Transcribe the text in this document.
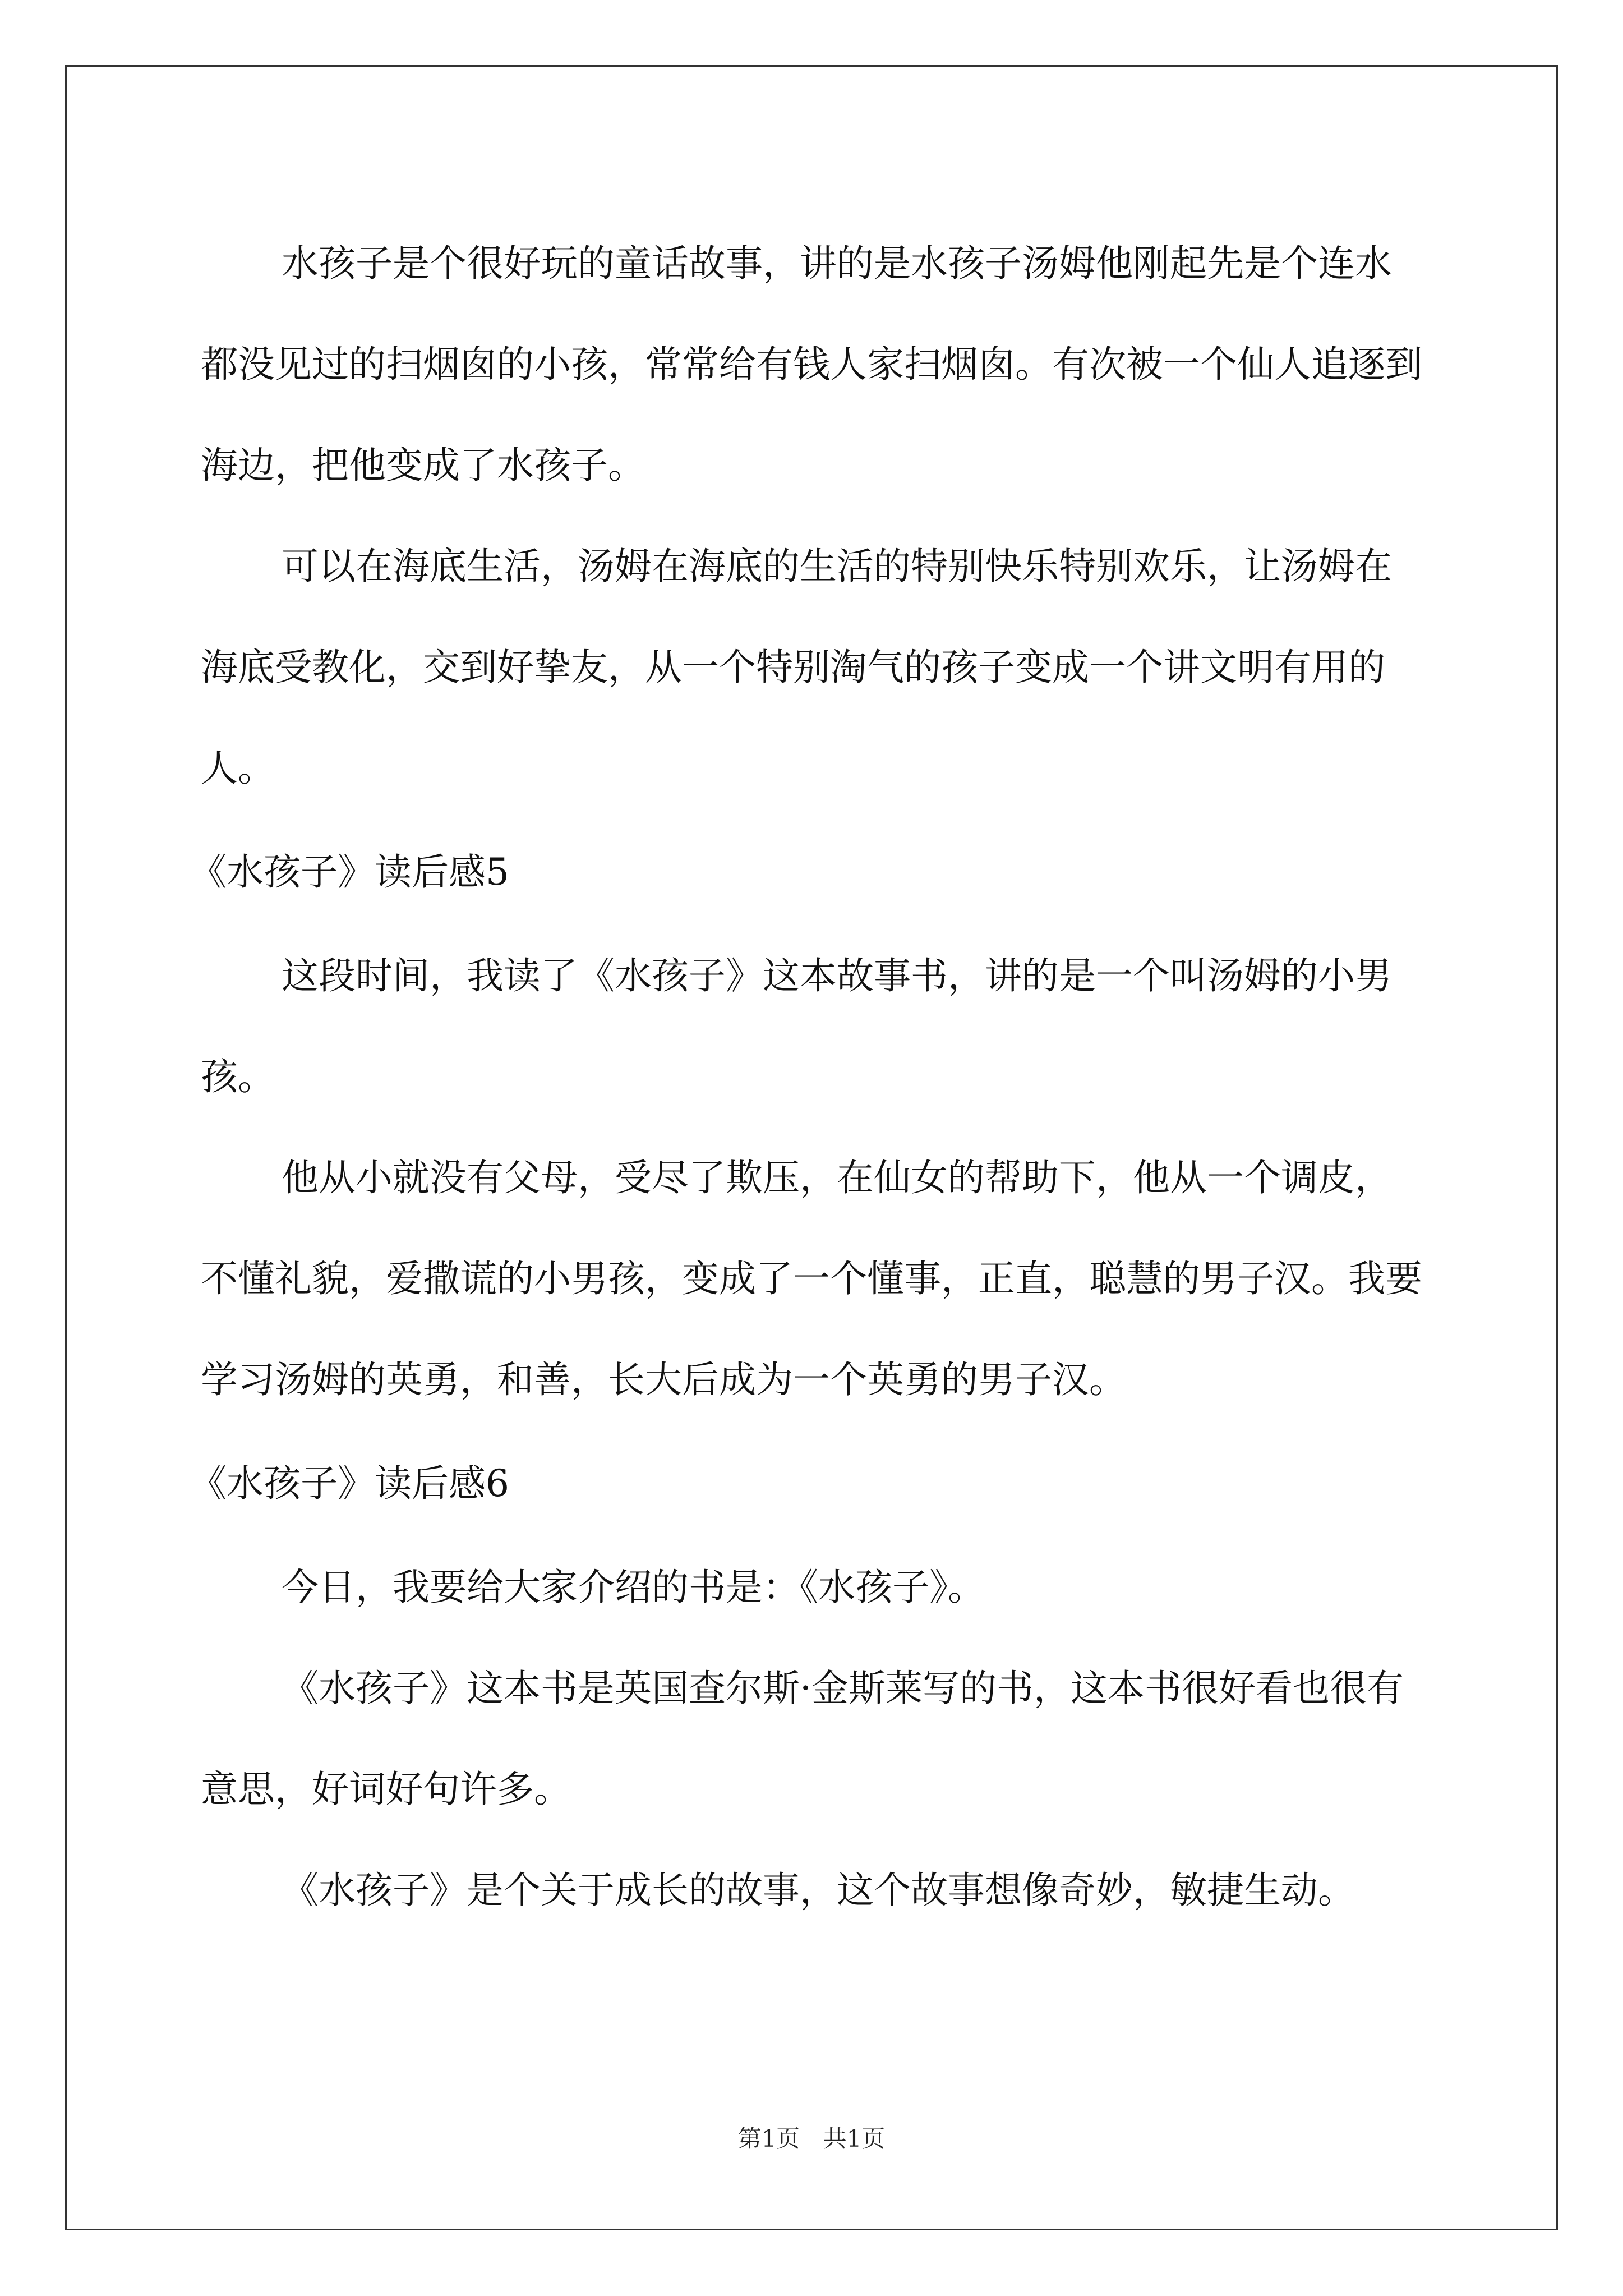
水孩子是个很好玩的童话故事，讲的是水孩子汤姆他刚起先是个连水都没见过的扫烟囱的小孩，常常给有钱人家扫烟囱。有次被一个仙人追逐到海边，把他变成了水孩子。

可以在海底生活，汤姆在海底的生活的特别快乐特别欢乐，让汤姆在海底受教化，交到好挚友，从一个特别淘气的孩子变成一个讲文明有用的人。

《水孩子》读后感5

这段时间，我读了《水孩子》这本故事书，讲的是一个叫汤姆的小男孩。

他从小就没有父母，受尽了欺压，在仙女的帮助下，他从一个调皮，不懂礼貌，爱撒谎的小男孩，变成了一个懂事，正直，聪慧的男子汉。我要学习汤姆的英勇，和善，长大后成为一个英勇的男子汉。

《水孩子》读后感6

今日，我要给大家介绍的书是：《水孩子》。

《水孩子》这本书是英国查尔斯·金斯莱写的书，这本书很好看也很有意思，好词好句许多。

《水孩子》是个关于成长的故事，这个故事想像奇妙，敏捷生动。

第1页 共1页
